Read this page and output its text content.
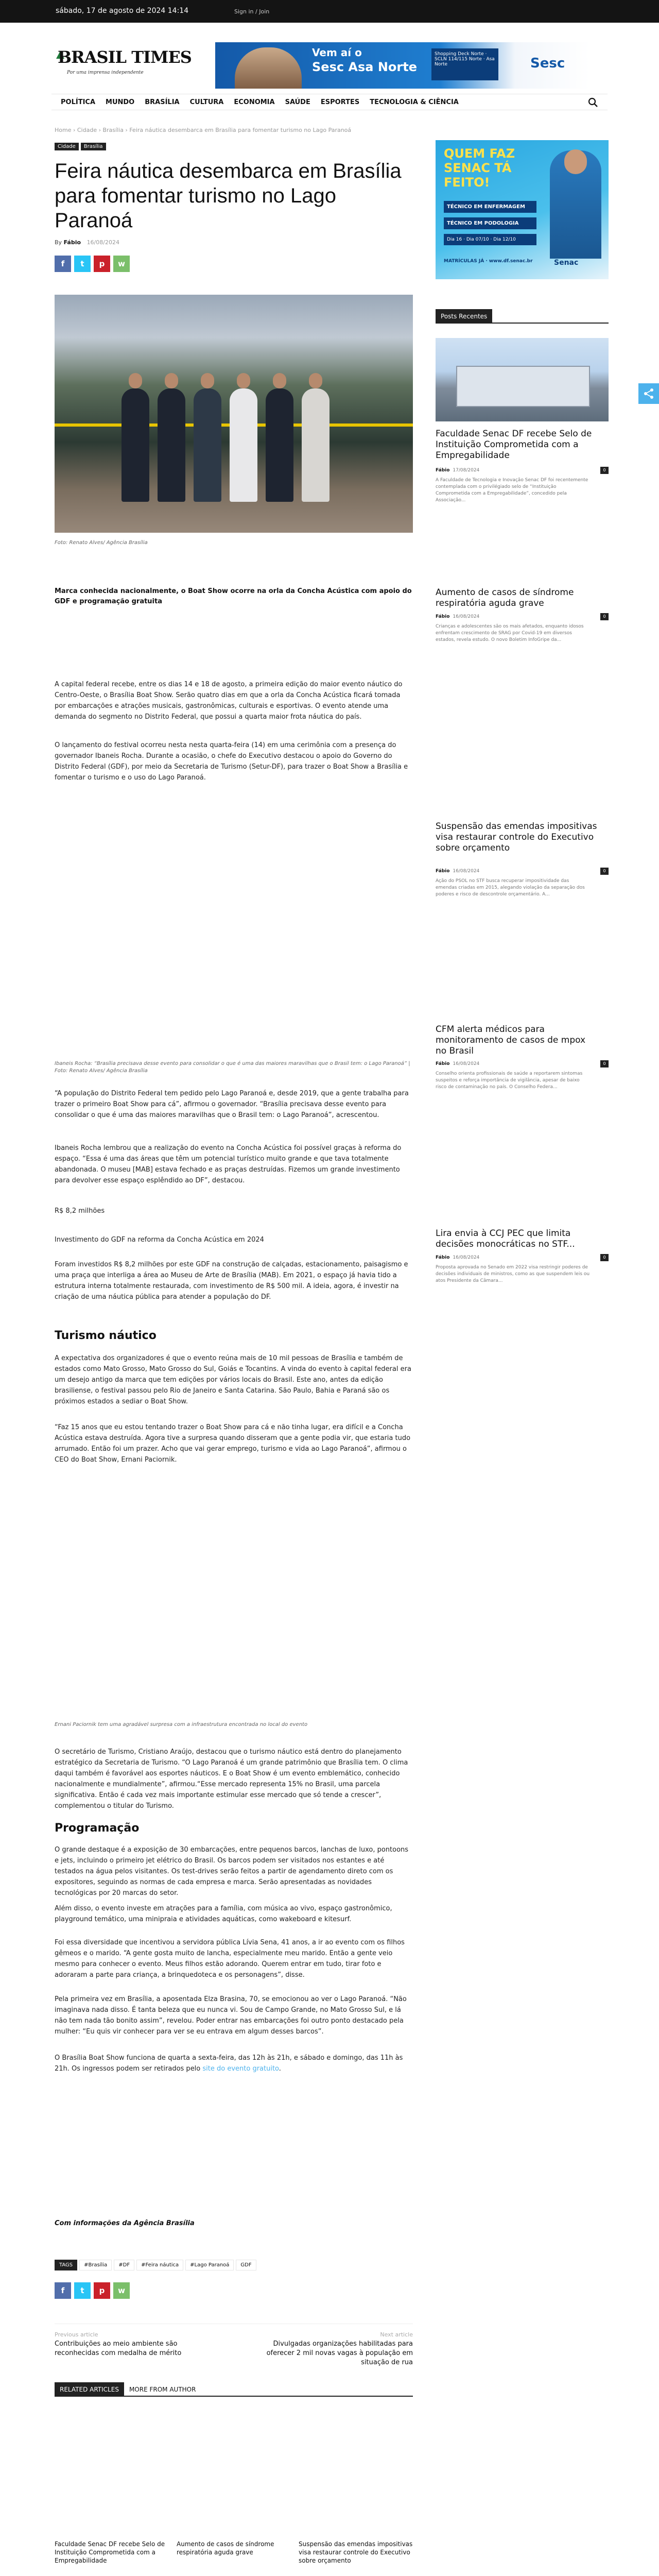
sábado, 17 de agosto de 2024 14:14	Sign in / Join
BRASIL TIMES
Por uma imprensa independente
Vem aí o
Sesc Asa Norte
Shopping Deck Norte · SCLN 114/115 Norte · Asa Norte	Sesc
POLÍTICA MUNDO BRASÍLIA CULTURA ECONOMIA SAÚDE ESPORTES TECNOLOGIA & CIÊNCIA
Home › Cidade › Brasília › Feira náutica desembarca em Brasília para fomentar turismo no Lago Paranoá
Cidade Brasília
Feira náutica desembarca em Brasília para fomentar turismo no Lago Paranoá
By Fábio 16/08/2024
f t p w
Foto: Renato Alves/ Agência Brasília
Marca conhecida nacionalmente, o Boat Show ocorre na orla da Concha Acústica com apoio do GDF e programação gratuita
A capital federal recebe, entre os dias 14 e 18 de agosto, a primeira edição do maior evento náutico do Centro-Oeste, o Brasília Boat Show. Serão quatro dias em que a orla da Concha Acústica ficará tomada por embarcações e atrações musicais, gastronômicas, culturais e esportivas. O evento atende uma demanda do segmento no Distrito Federal, que possui a quarta maior frota náutica do país.
O lançamento do festival ocorreu nesta nesta quarta-feira (14) em uma cerimônia com a presença do governador Ibaneis Rocha. Durante a ocasião, o chefe do Executivo destacou o apoio do Governo do Distrito Federal (GDF), por meio da Secretaria de Turismo (Setur-DF), para trazer o Boat Show a Brasília e fomentar o turismo e o uso do Lago Paranoá.
Ibaneis Rocha: “Brasília precisava desse evento para consolidar o que é uma das maiores maravilhas que o Brasil tem: o Lago Paranoá” | Foto: Renato Alves/ Agência Brasília
“A população do Distrito Federal tem pedido pelo Lago Paranoá e, desde 2019, que a gente trabalha para trazer o primeiro Boat Show para cá”, afirmou o governador. “Brasília precisava desse evento para consolidar o que é uma das maiores maravilhas que o Brasil tem: o Lago Paranoá”, acrescentou.
Ibaneis Rocha lembrou que a realização do evento na Concha Acústica foi possível graças à reforma do espaço. “Essa é uma das áreas que têm um potencial turístico muito grande e que tava totalmente abandonada. O museu [MAB] estava fechado e as praças destruídas. Fizemos um grande investimento para devolver esse espaço esplêndido ao DF”, destacou.
R$ 8,2 milhões
Investimento do GDF na reforma da Concha Acústica em 2024
Foram investidos R$ 8,2 milhões por este GDF na construção de calçadas, estacionamento, paisagismo e uma praça que interliga a área ao Museu de Arte de Brasília (MAB). Em 2021, o espaço já havia tido a estrutura interna totalmente restaurada, com investimento de R$ 500 mil. A ideia, agora, é investir na criação de uma náutica pública para atender a população do DF.
Turismo náutico
A expectativa dos organizadores é que o evento reúna mais de 10 mil pessoas de Brasília e também de estados como Mato Grosso, Mato Grosso do Sul, Goiás e Tocantins. A vinda do evento à capital federal era um desejo antigo da marca que tem edições por vários locais do Brasil. Este ano, antes da edição brasiliense, o festival passou pelo Rio de Janeiro e Santa Catarina. São Paulo, Bahia e Paraná são os próximos estados a sediar o Boat Show.
“Faz 15 anos que eu estou tentando trazer o Boat Show para cá e não tinha lugar, era difícil e a Concha Acústica estava destruída. Agora tive a surpresa quando disseram que a gente podia vir, que estaria tudo arrumado. Então foi um prazer. Acho que vai gerar emprego, turismo e vida ao Lago Paranoá”, afirmou o CEO do Boat Show, Ernani Paciornik.
Ernani Paciornik tem uma agradável surpresa com a infraestrutura encontrada no local do evento
O secretário de Turismo, Cristiano Araújo, destacou que o turismo náutico está dentro do planejamento estratégico da Secretaria de Turismo. “O Lago Paranoá é um grande patrimônio que Brasília tem. O clima daqui também é favorável aos esportes náuticos. E o Boat Show é um evento emblemático, conhecido nacionalmente e mundialmente”, afirmou.“Esse mercado representa 15% no Brasil, uma parcela significativa. Então é cada vez mais importante estimular esse mercado que só tende a crescer”, complementou o titular do Turismo.
Programação
O grande destaque é a exposição de 30 embarcações, entre pequenos barcos, lanchas de luxo, pontoons e jets, incluindo o primeiro jet elétrico do Brasil. Os barcos podem ser visitados nos estantes e até testados na água pelos visitantes. Os test-drives serão feitos a partir de agendamento direto com os expositores, seguindo as normas de cada empresa e marca. Serão apresentadas as novidades tecnológicas por 20 marcas do setor.
Além disso, o evento investe em atrações para a família, com música ao vivo, espaço gastronômico, playground temático, uma minipraia e atividades aquáticas, como wakeboard e kitesurf.
Foi essa diversidade que incentivou a servidora pública Lívia Sena, 41 anos, a ir ao evento com os filhos gêmeos e o marido. “A gente gosta muito de lancha, especialmente meu marido. Então a gente veio mesmo para conhecer o evento. Meus filhos estão adorando. Querem entrar em tudo, tirar foto e adoraram a parte para criança, a brinquedoteca e os personagens”, disse.
Pela primeira vez em Brasília, a aposentada Elza Brasina, 70, se emocionou ao ver o Lago Paranoá. “Não imaginava nada disso. É tanta beleza que eu nunca vi. Sou de Campo Grande, no Mato Grosso Sul, e lá não tem nada tão bonito assim”, revelou. Poder entrar nas embarcações foi outro ponto destacado pela mulher: “Eu quis vir conhecer para ver se eu entrava em algum desses barcos”.
O Brasília Boat Show funciona de quarta a sexta-feira, das 12h às 21h, e sábado e domingo, das 11h às 21h. Os ingressos podem ser retirados pelo site do evento gratuito.
Com informações da Agência Brasília
TAGS #Brasília #DF #Feira náutica #Lago Paranoá GDF
f t p w
Previous article
Contribuições ao meio ambiente são reconhecidas com medalha de mérito
Next article
Divulgadas organizações habilitadas para oferecer 2 mil novas vagas à população em situação de rua
RELATED ARTICLES MORE FROM AUTHOR
Faculdade Senac DF recebe Selo de Instituição Comprometida com a Empregabilidade
Aumento de casos de síndrome respiratória aguda grave
Suspensão das emendas impositivas visa restaurar controle do Executivo sobre orçamento
QUEM FAZ SENAC TÁ FEITO!
TÉCNICO EM ENFERMAGEM
TÉCNICO EM PODOLOGIA
Dia 16 · Dia 07/10 · Dia 12/10
MATRÍCULAS JÁ · www.df.senac.br	Senac
Posts Recentes
Faculdade Senac DF recebe Selo de Instituição Comprometida com a Empregabilidade
Fábio 17/08/2024	0
A Faculdade de Tecnologia e Inovação Senac DF foi recentemente contemplada com o privilégiado selo de “Instituição Comprometida com a Empregabilidade”, concedido pela Associação...
Aumento de casos de síndrome respiratória aguda grave
Fábio 16/08/2024	0
Crianças e adolescentes são os mais afetados, enquanto idosos enfrentam crescimento de SRAG por Covid-19 em diversos estados, revela estudo. O novo Boletim InfoGripe da...
Suspensão das emendas impositivas visa restaurar controle do Executivo sobre orçamento
Fábio 16/08/2024	0
Ação do PSOL no STF busca recuperar impositividade das emendas criadas em 2015, alegando violação da separação dos poderes e risco de descontrole orçamentário. A...
CFM alerta médicos para monitoramento de casos de mpox no Brasil
Fábio 16/08/2024	0
Conselho orienta profissionais de saúde a reportarem sintomas suspeitos e reforça importância de vigilância, apesar de baixo risco de contaminação no país. O Conselho Federa...
Lira envia à CCJ PEC que limita decisões monocráticas no STF...
Fábio 16/08/2024	0
Proposta aprovada no Senado em 2022 visa restringir poderes de decisões individuais de ministros, como as que suspendem leis ou atos Presidente da Câmara...
